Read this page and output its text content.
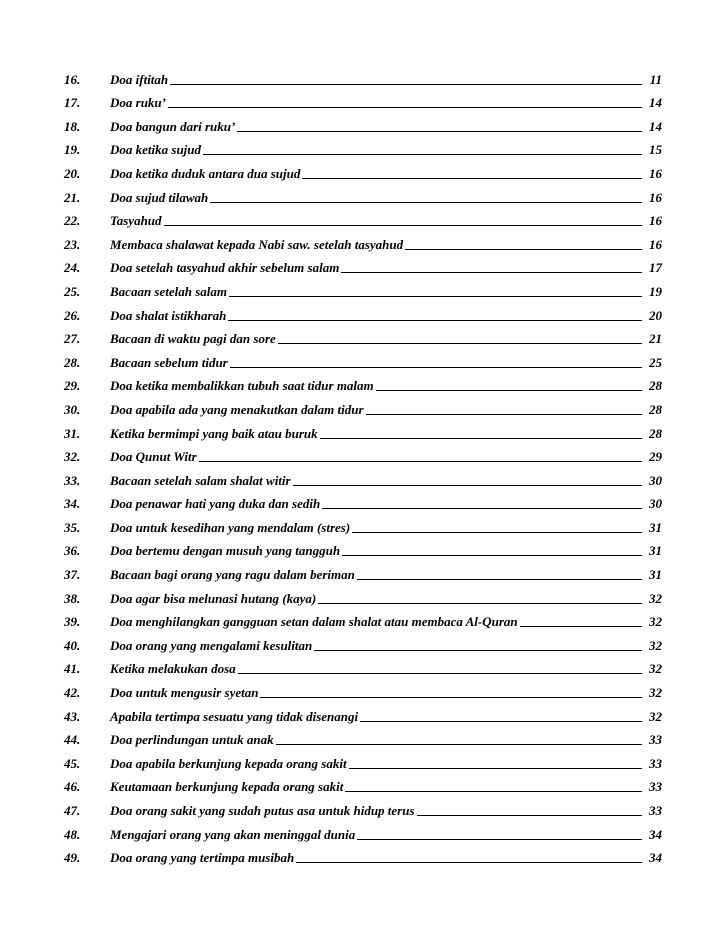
16.	Doa iftitah	11
17.	Doa ruku’	14
18.	Doa bangun dari ruku’	14
19.	Doa ketika sujud	15
20.	Doa ketika duduk antara dua sujud	16
21.	Doa sujud tilawah	16
22.	Tasyahud	16
23.	Membaca shalawat kepada Nabi saw. setelah tasyahud	16
24.	Doa setelah tasyahud akhir sebelum salam	17
25.	Bacaan setelah salam	19
26.	Doa shalat istikharah	20
27.	Bacaan di waktu pagi dan sore	21
28.	Bacaan sebelum tidur	25
29.	Doa ketika membalikkan tubuh saat tidur malam	28
30.	Doa apabila ada yang menakutkan dalam tidur	28
31.	Ketika bermimpi yang baik atau buruk	28
32.	Doa Qunut Witr	29
33.	Bacaan setelah salam shalat witir	30
34.	Doa penawar hati yang duka dan sedih	30
35.	Doa untuk kesedihan yang mendalam (stres)	31
36.	Doa bertemu dengan musuh yang tangguh	31
37.	Bacaan bagi orang yang ragu dalam beriman	31
38.	Doa agar bisa melunasi hutang (kaya)	32
39.	Doa menghilangkan gangguan setan dalam shalat atau membaca Al-Quran	32
40.	Doa orang yang mengalami kesulitan	32
41.	Ketika melakukan dosa	32
42.	Doa untuk mengusir syetan	32
43.	Apabila tertimpa sesuatu yang tidak disenangi	32
44.	Doa perlindungan untuk anak	33
45.	Doa apabila berkunjung kepada orang sakit	33
46.	Keutamaan berkunjung kepada orang sakit	33
47.	Doa orang sakit yang sudah putus asa untuk hidup terus	33
48.	Mengajari orang yang akan meninggal dunia	34
49.	Doa orang yang tertimpa musibah	34
